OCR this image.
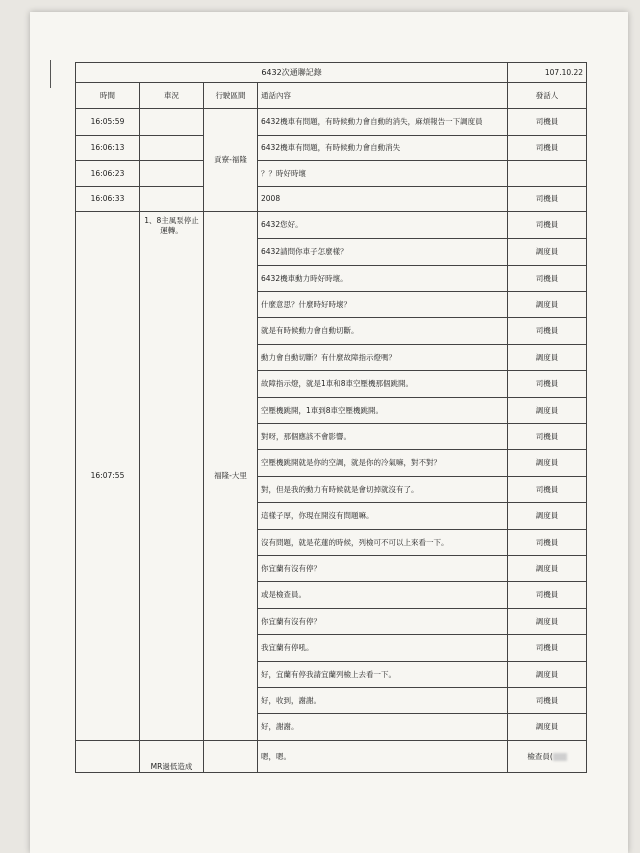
6432次通聯記錄				107.10.22
時間	車況	行駛區間	通話內容	發話人
16:05:59		貢寮-福隆	6432機車有問題，有時候動力會自動的消失，麻煩報告一下調度員	司機員
16:06:13			6432機車有問題，有時候動力會自動消失	司機員
16:06:23			？？時好時壞	
16:06:33			2008	司機員
16:07:55	1、8主風泵停止運轉。	福隆-大里	6432您好。	司機員
			6432請問你車子怎麼樣？	調度員
			6432機車動力時好時壞。	司機員
			什麼意思？什麼時好時壞？	調度員
			就是有時候動力會自動切斷。	司機員
			動力會自動切斷？有什麼故障指示燈嗎？	調度員
			故障指示燈，就是1車和8車空壓機那個跳開。	司機員
			空壓機跳開，1車到8車空壓機跳開。	調度員
			對呀，那個應該不會影響。	司機員
			空壓機跳開就是你的空調，就是你的冷氣嘛，對不對？	調度員
			對，但是我的動力有時候就是會切掉就沒有了。	司機員
			這樣子厚，你現在開沒有問題嘛。	調度員
			沒有問題，就是花蓮的時候，列檢可不可以上來看一下。	司機員
			你宜蘭有沒有停？	調度員
			或是檢查員。	司機員
			你宜蘭有沒有停？	調度員
			我宜蘭有停吼。	司機員
			好，宜蘭有停我請宜蘭列檢上去看一下。	調度員
			好，收到，謝謝。	司機員
			好，謝謝。	調度員
	MR過低造成		嗯，嗯。	檢查員(
